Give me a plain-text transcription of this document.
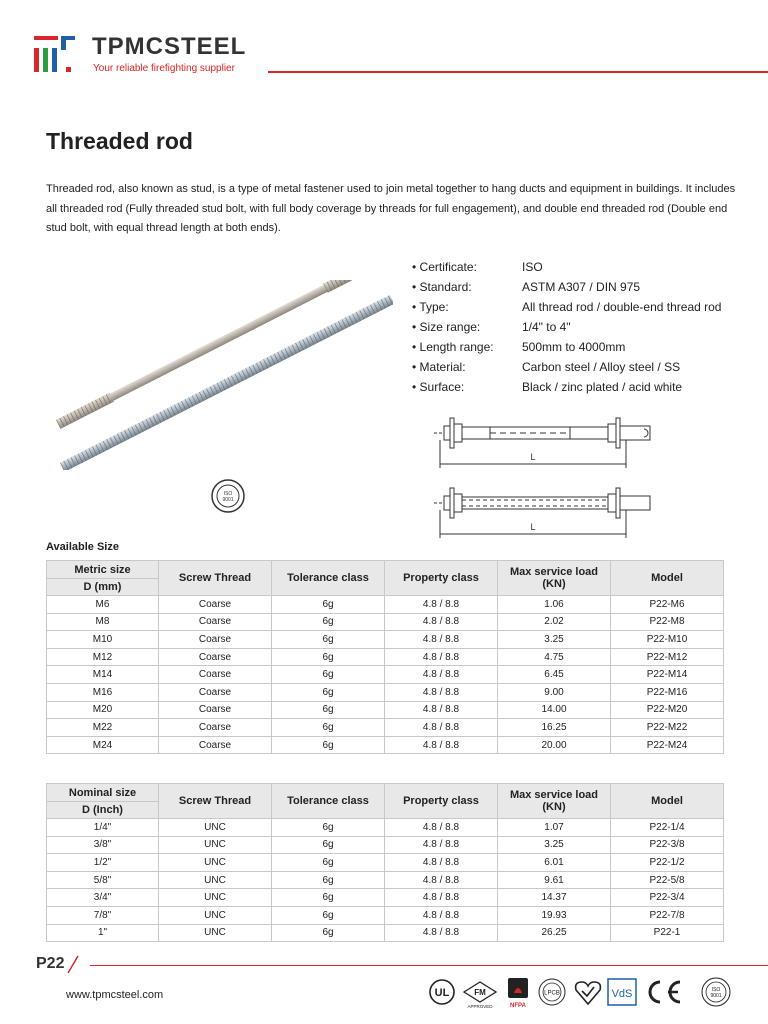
TPMCSTEEL
Your reliable firefighting supplier
Threaded rod

Threaded rod, also known as stud, is a type of metal fastener used to join metal together to hang ducts and equipment in buildings. It includes all threaded rod (Fully threaded stud bolt, with full body coverage by threads for full engagement), and double end threaded rod (Double end stud bolt, with equal thread length at both ends).

ISO
9001
• Certificate:	ISO
• Standard:	ASTM A307 / DIN 975
• Type:	All thread rod / double-end thread rod
• Size range:	1/4" to 4"
• Length range:	500mm to 4000mm
• Material:	Carbon steel / Alloy steel / SS
• Surface:	Black / zinc plated / acid white
L
L
Available Size
Metric size	Screw Thread	Tolerance class	Property class	Max service load (KN)	Model
D (mm)					
M6	Coarse	6g	4.8 / 8.8	1.06	P22-M6
M8	Coarse	6g	4.8 / 8.8	2.02	P22-M8
M10	Coarse	6g	4.8 / 8.8	3.25	P22-M10
M12	Coarse	6g	4.8 / 8.8	4.75	P22-M12
M14	Coarse	6g	4.8 / 8.8	6.45	P22-M14
M16	Coarse	6g	4.8 / 8.8	9.00	P22-M16
M20	Coarse	6g	4.8 / 8.8	14.00	P22-M20
M22	Coarse	6g	4.8 / 8.8	16.25	P22-M22
M24	Coarse	6g	4.8 / 8.8	20.00	P22-M24
Nominal size	Screw Thread	Tolerance class	Property class	Max service load (KN)	Model
D (Inch)					
1/4"	UNC	6g	4.8 / 8.8	1.07	P22-1/4
3/8"	UNC	6g	4.8 / 8.8	3.25	P22-3/8
1/2"	UNC	6g	4.8 / 8.8	6.01	P22-1/2
5/8"	UNC	6g	4.8 / 8.8	9.61	P22-5/8
3/4"	UNC	6g	4.8 / 8.8	14.37	P22-3/4
7/8"	UNC	6g	4.8 / 8.8	19.93	P22-7/8
1"	UNC	6g	4.8 / 8.8	26.25	P22-1
P22
www.tpmcsteel.com	UL	FM
APPROVED	NFPA
LPCB	VdS	ISO
9001
